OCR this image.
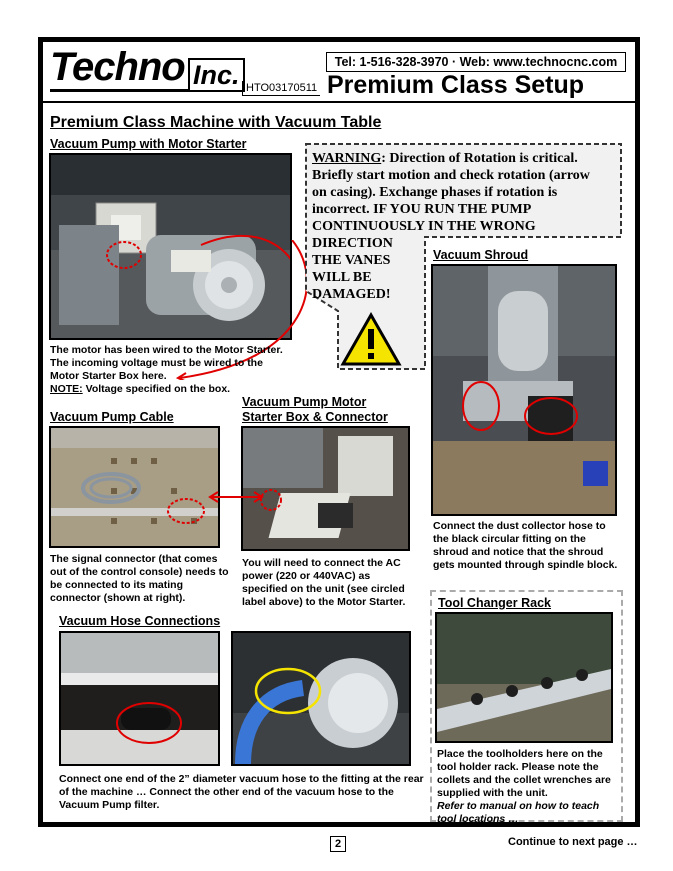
Techno Inc.	Tel: 1-516-328-3970 · Web: www.technocnc.com
HTO03170511 Premium Class Setup
Premium Class Machine with Vacuum Table
Vacuum Pump with Motor Starter
The motor has been wired to the Motor Starter.
The incoming voltage must be wired to the
Motor Starter Box here.
NOTE: Voltage specified on the box.
WARNING: Direction of Rotation is critical.
Briefly start motion and check rotation (arrow
on casing). Exchange phases if rotation is
incorrect. IF YOU RUN THE PUMP
CONTINUOUSLY IN THE WRONG
DIRECTION
THE VANES
WILL BE
DAMAGED!
Vacuum Shroud
Connect the dust collector hose to the black circular fitting on the shroud and notice that the shroud gets mounted through spindle block.
Vacuum Pump Cable
The signal connector (that comes out of the control console) needs to be connected to its mating connector (shown at right).
Vacuum Pump Motor
Starter Box & Connector
You will need to connect the AC power (220 or 440VAC) as specified on the unit (see circled label above) to the Motor Starter.
Vacuum Hose Connections
Connect one end of the 2” diameter vacuum hose to the fitting at the rear of the machine … Connect the other end of the vacuum hose to the Vacuum Pump filter.
Tool Changer Rack
Place the toolholders here on the tool holder rack. Please note the collets and the collet wrenches are supplied with the unit.
Refer to manual on how to teach tool locations …
2	Continue to next page …
